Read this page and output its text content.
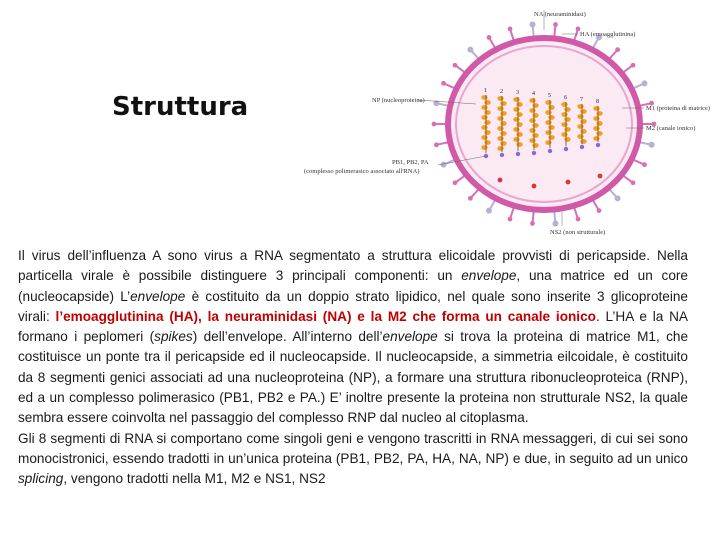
Struttura
1 2 3 4 5 6 7 8
NA (neuraminidasi)
HA (emoagglutinina)
NP (nucleoproteina)
M1 (proteina di matrice)
M2 (canale ionico)
PB1, PB2, PA
(complesso polimerasico associato all'RNA)
NS2 (non strutturale)

Il virus dell’influenza A sono virus a RNA segmentato a struttura elicoidale provvisti di pericapside. Nella particella virale è possibile distinguere 3 principali componenti: un envelope, una matrice ed un core (nucleocapside) L’envelope è costituito da un doppio strato lipidico, nel quale sono inserite 3 glicoproteine virali: l’emoagglutinina (HA), la neuraminidasi (NA) e la M2 che forma un canale ionico. L’HA e la NA formano i peplomeri (spikes) dell’envelope. All’interno dell’envelope si trova la proteina di matrice M1, che costituisce un ponte tra il pericapside ed il nucleocapside. Il nucleocapside, a simmetria eilcoidale, è costituito da 8 segmenti genici associati ad una nucleoproteina (NP), a formare una struttura ribonucleoproteica (RNP), ed a un complesso polimerasico (PB1, PB2 e PA.) E’ inoltre presente la proteina non strutturale NS2, la quale sembra essere coinvolta nel passaggio del complesso RNP dal nucleo al citoplasma.

Gli 8 segmenti di RNA si comportano come singoli geni e vengono trascritti in RNA messaggeri, di cui sei sono monocistronici, essendo tradotti in un’unica proteina (PB1, PB2, PA, HA, NA, NP) e due, in seguito ad un unico splicing, vengono tradotti nella M1, M2 e NS1, NS2
